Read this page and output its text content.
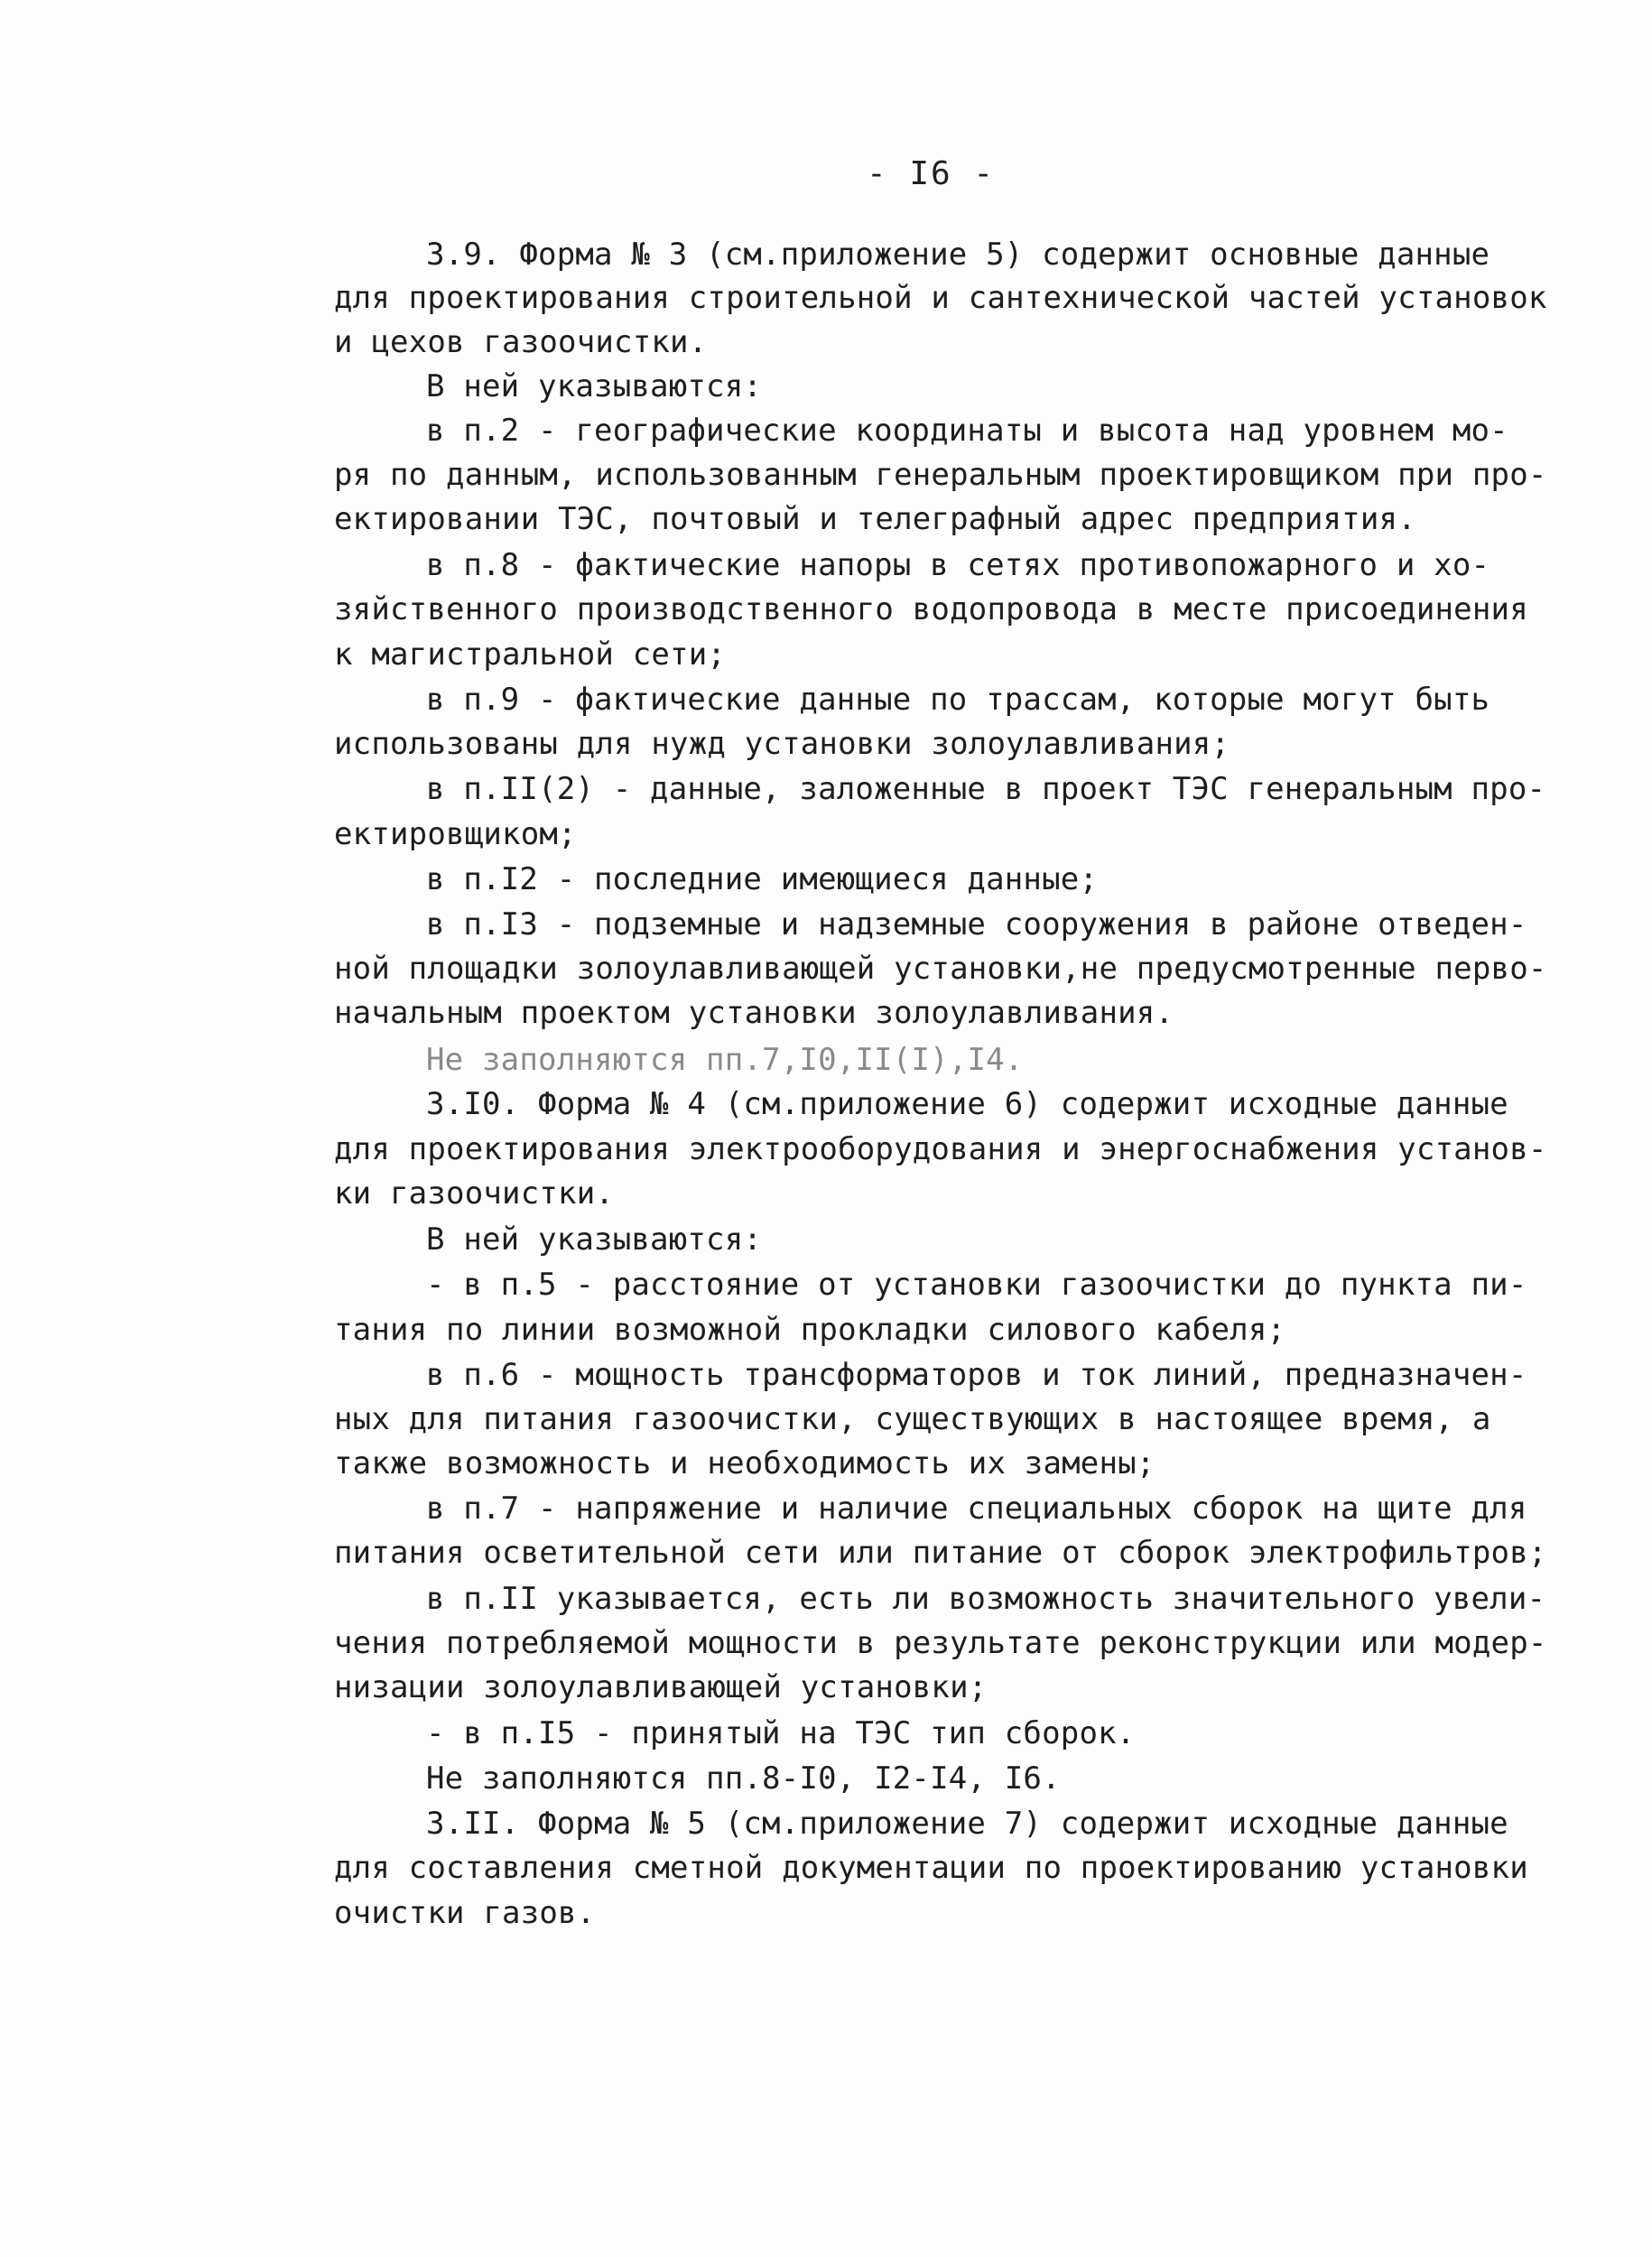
- I6 -
3.9. Форма № 3 (см.приложение 5) содержит основные данные
для проектирования строительной и сантехнической частей установок
и цехов газоочистки.
В ней указываются:
в п.2 - географические координаты и высота над уровнем мо-
ря по данным, использованным генеральным проектировщиком при про-
ектировании ТЭС, почтовый и телеграфный адрес предприятия.
в п.8 - фактические напоры в сетях противопожарного и хо-
зяйственного производственного водопровода в месте присоединения
к магистральной сети;
в п.9 - фактические данные по трассам, которые могут быть
использованы для нужд установки золоулавливания;
в п.II(2) - данные, заложенные в проект ТЭС генеральным про-
ектировщиком;
в п.I2 - последние имеющиеся данные;
в п.I3 - подземные и надземные сооружения в районе отведен-
ной площадки золоулавливающей установки,не предусмотренные перво-
начальным проектом установки золоулавливания.
Не заполняются пп.7,I0,II(I),I4.
3.I0. Форма № 4 (см.приложение 6) содержит исходные данные
для проектирования электрооборудования и энергоснабжения установ-
ки газоочистки.
В ней указываются:
- в п.5 - расстояние от установки газоочистки до пункта пи-
тания по линии возможной прокладки силового кабеля;
в п.6 - мощность трансформаторов и ток линий, предназначен-
ных для питания газоочистки, существующих в настоящее время, а
также возможность и необходимость их замены;
в п.7 - напряжение и наличие специальных сборок на щите для
питания осветительной сети или питание от сборок электрофильтров;
в п.II указывается, есть ли возможность значительного увели-
чения потребляемой мощности в результате реконструкции или модер-
низации золоулавливающей установки;
- в п.I5 - принятый на ТЭС тип сборок.
Не заполняются пп.8-I0, I2-I4, I6.
3.II. Форма № 5 (см.приложение 7) содержит исходные данные
для составления сметной документации по проектированию установки
очистки газов.
